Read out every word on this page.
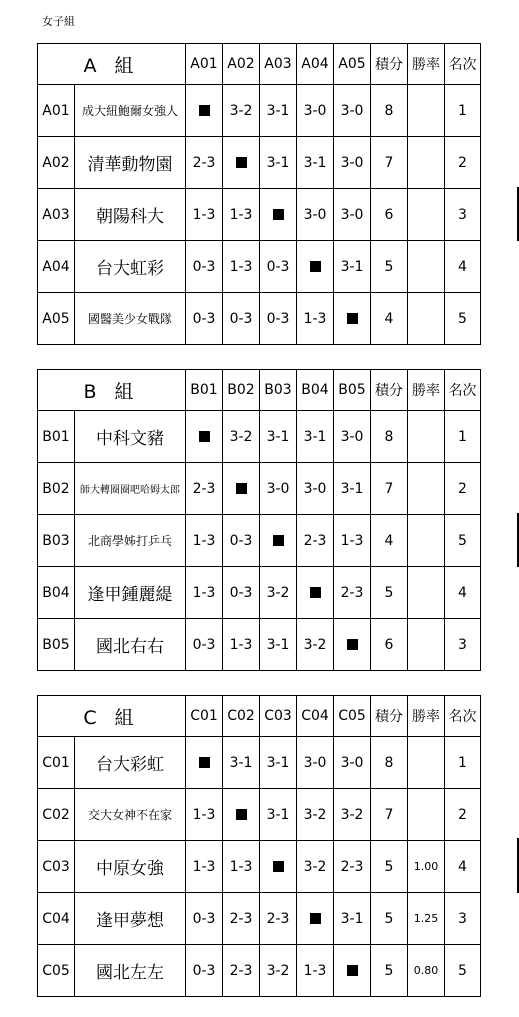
女子組
A 組		A01	A02	A03	A04	A05	積分	勝率	名次
A01	成大紐鮑爾女強人		3-2	3-1	3-0	3-0	8		1
A02	清華動物園	2-3		3-1	3-1	3-0	7		2
A03	朝陽科大	1-3	1-3		3-0	3-0	6		3
A04	台大虹彩	0-3	1-3	0-3		3-1	5		4
A05	國醫美少女戰隊	0-3	0-3	0-3	1-3		4		5
B 組		B01	B02	B03	B04	B05	積分	勝率	名次
B01	中科文豬		3-2	3-1	3-1	3-0	8		1
B02	師大轉圈圈吧哈姆太郎	2-3		3-0	3-0	3-1	7		2
B03	北商學姊打乒乓	1-3	0-3		2-3	1-3	4		5
B04	逢甲鍾麗緹	1-3	0-3	3-2		2-3	5		4
B05	國北右右	0-3	1-3	3-1	3-2		6		3
C 組		C01	C02	C03	C04	C05	積分	勝率	名次
C01	台大彩虹		3-1	3-1	3-0	3-0	8		1
C02	交大女神不在家	1-3		3-1	3-2	3-2	7		2
C03	中原女強	1-3	1-3		3-2	2-3	5	1.00	4
C04	逢甲夢想	0-3	2-3	2-3		3-1	5	1.25	3
C05	國北左左	0-3	2-3	3-2	1-3		5	0.80	5
